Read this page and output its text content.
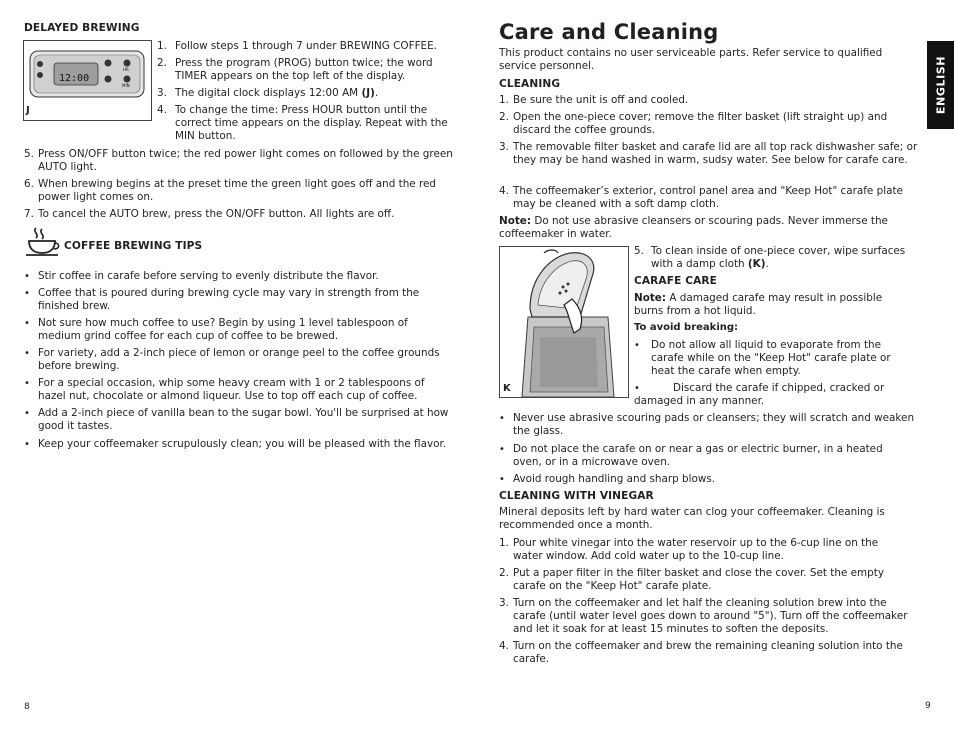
DELAYED BREWING
12:00
HR
MIN
J
1. Follow steps 1 through 7 under BREWING COFFEE.
2. Press the program (PROG) button twice; the word TIMER appears on the top left of the display.
3. The digital clock displays 12:00 AM (J).
4. To change the time: Press HOUR button until the correct time appears on the display. Repeat with the MIN button.
5. Press ON/OFF button twice; the red power light comes on followed by the green AUTO light.
6. When brewing begins at the preset time the green light goes off and the red power light comes on.
7. To cancel the AUTO brew, press the ON/OFF button. All lights are off.
COFFEE BREWING TIPS
• Stir coffee in carafe before serving to evenly distribute the flavor.
• Coffee that is poured during brewing cycle may vary in strength from the finished brew.
• Not sure how much coffee to use? Begin by using 1 level tablespoon of medium grind coffee for each cup of coffee to be brewed.
• For variety, add a 2-inch piece of lemon or orange peel to the coffee grounds before brewing.
• For a special occasion, whip some heavy cream with 1 or 2 tablespoons of hazel nut, chocolate or almond liqueur. Use to top off each cup of coffee.
• Add a 2-inch piece of vanilla bean to the sugar bowl. You'll be surprised at how good it tastes.
• Keep your coffeemaker scrupulously clean; you will be pleased with the flavor.
8
Care and Cleaning
This product contains no user serviceable parts. Refer service to qualified service personnel.
CLEANING
1. Be sure the unit is off and cooled.
2. Open the one-piece cover; remove the filter basket (lift straight up) and discard the coffee grounds.
3. The removable filter basket and carafe lid are all top rack dishwasher safe; or they may be hand washed in warm, sudsy water. See below for carafe care.
4. The coffeemaker’s exterior, control panel area and "Keep Hot" carafe plate may be cleaned with a soft damp cloth.
Note: Do not use abrasive cleansers or scouring pads. Never immerse the coffeemaker in water.
K
5. To clean inside of one-piece cover, wipe surfaces with a damp cloth (K).
CARAFE CARE
Note: A damaged carafe may result in possible burns from a hot liquid.
To avoid breaking:
• Do not allow all liquid to evaporate from the carafe while on the "Keep Hot" carafe plate or heat the carafe when empty.
•	Discard the carafe if chipped, cracked or damaged in any manner.
• Never use abrasive scouring pads or cleansers; they will scratch and weaken the glass.
• Do not place the carafe on or near a gas or electric burner, in a heated oven, or in a microwave oven.
• Avoid rough handling and sharp blows.
CLEANING WITH VINEGAR
Mineral deposits left by hard water can clog your coffeemaker. Cleaning is recommended once a month.
1. Pour white vinegar into the water reservoir up to the 6-cup line on the water window. Add cold water up to the 10-cup line.
2. Put a paper filter in the filter basket and close the cover. Set the empty carafe on the "Keep Hot" carafe plate.
3. Turn on the coffeemaker and let half the cleaning solution brew into the carafe (until water level goes down to around "5"). Turn off the coffeemaker and let it soak for at least 15 minutes to soften the deposits.
4. Turn on the coffeemaker and brew the remaining cleaning solution into the carafe.
ENGLISH
9
